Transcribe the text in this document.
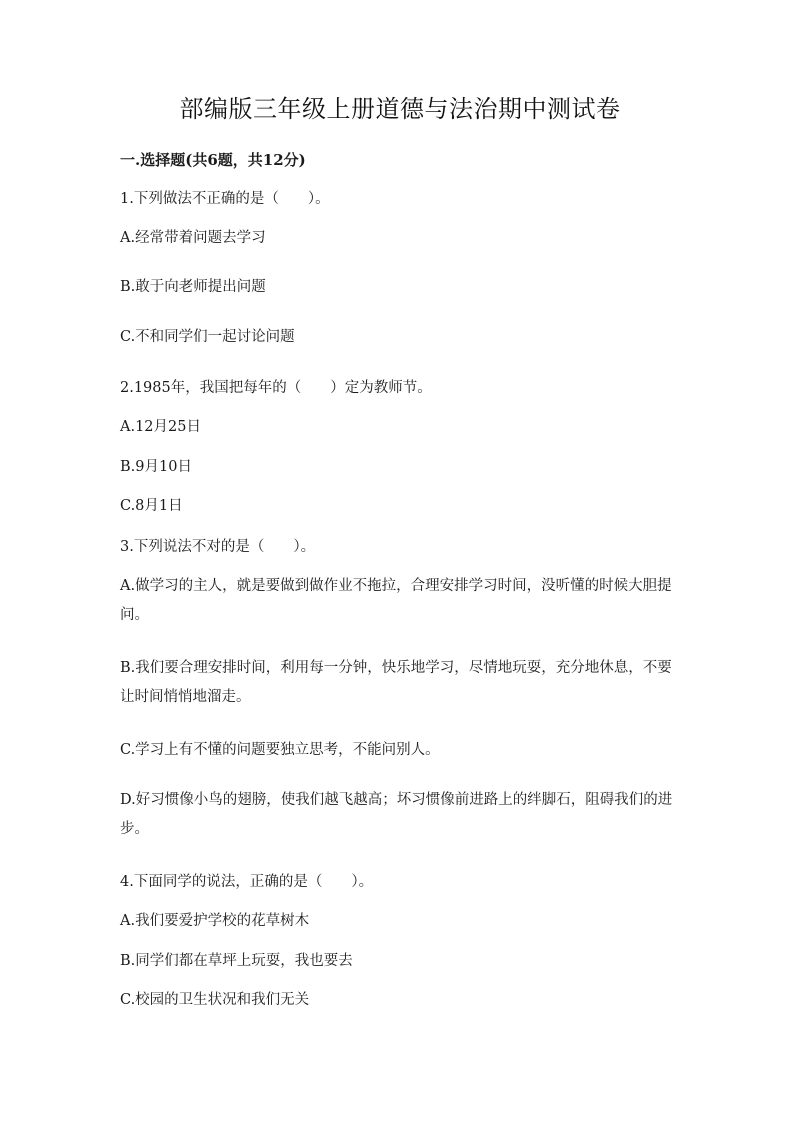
部编版三年级上册道德与法治期中测试卷
一.选择题(共6题，共12分)
1.下列做法不正确的是（　　）。
A.经常带着问题去学习
B.敢于向老师提出问题
C.不和同学们一起讨论问题
2.1985年，我国把每年的（　　）定为教师节。
A.12月25日
B.9月10日
C.8月1日
3.下列说法不对的是（　　）。
A.做学习的主人，就是要做到做作业不拖拉，合理安排学习时间，没听懂的时候大胆提问。
B.我们要合理安排时间，利用每一分钟，快乐地学习，尽情地玩耍，充分地休息，不要让时间悄悄地溜走。
C.学习上有不懂的问题要独立思考，不能问别人。
D.好习惯像小鸟的翅膀，使我们越飞越高；坏习惯像前进路上的绊脚石，阻碍我们的进步。
4.下面同学的说法，正确的是（　　）。
A.我们要爱护学校的花草树木
B.同学们都在草坪上玩耍，我也要去
C.校园的卫生状况和我们无关
